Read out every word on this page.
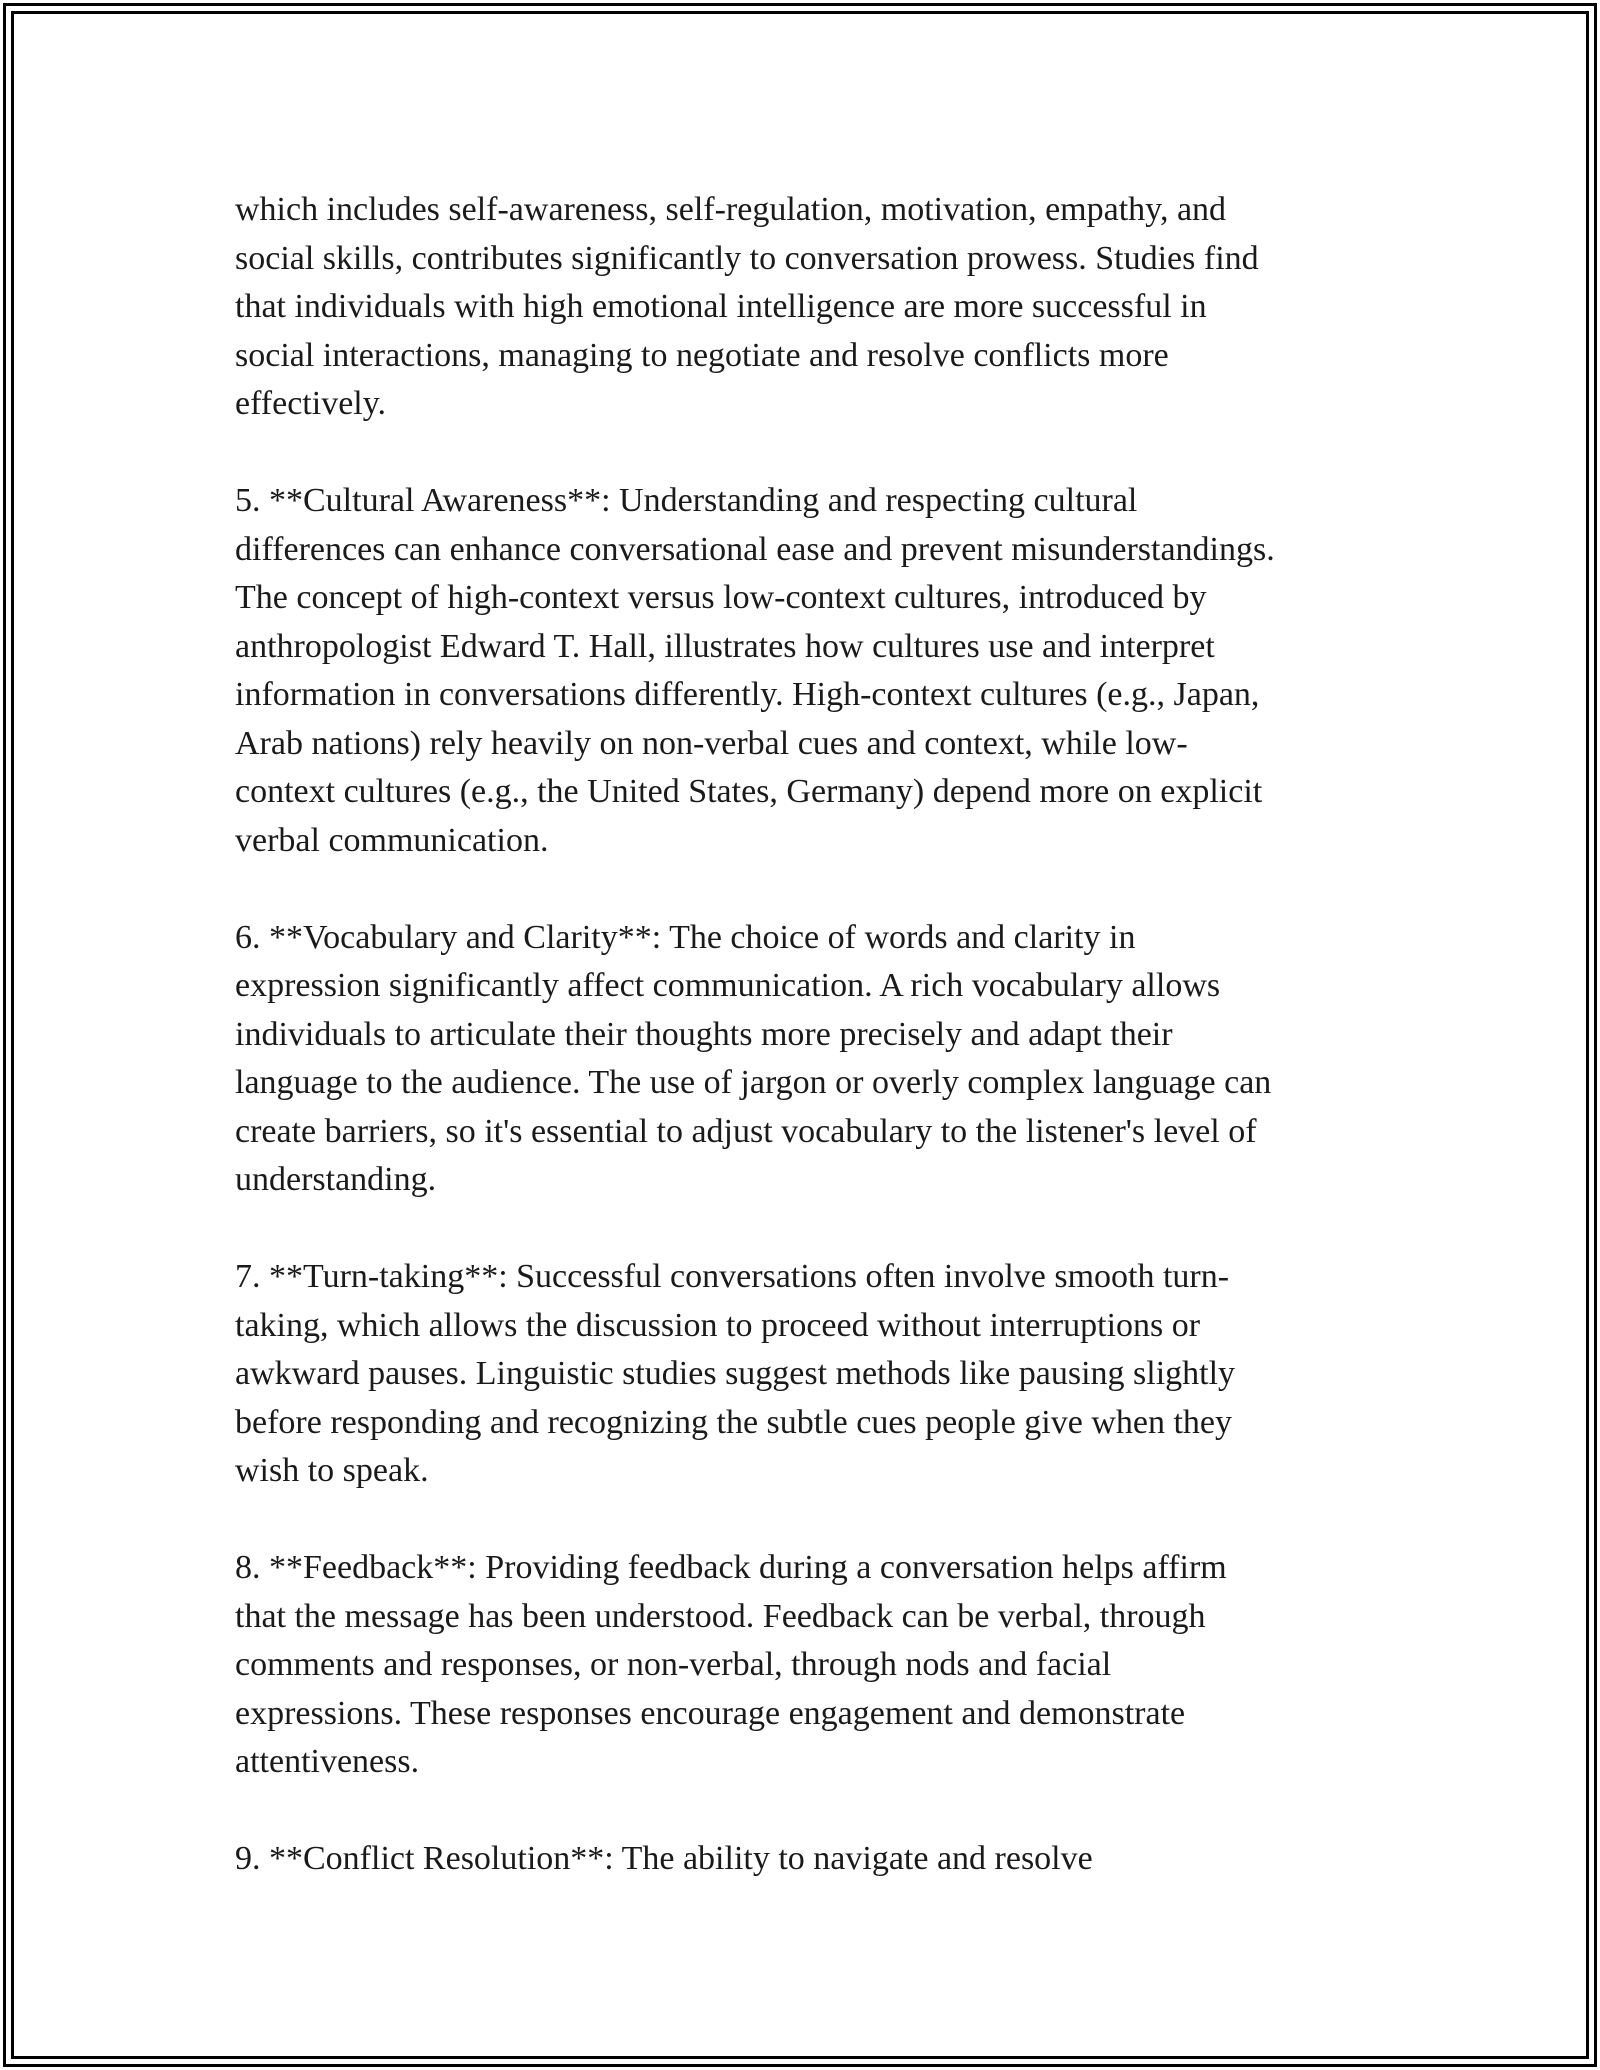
which includes self-awareness, self-regulation, motivation, empathy, and
social skills, contributes significantly to conversation prowess. Studies find
that individuals with high emotional intelligence are more successful in
social interactions, managing to negotiate and resolve conflicts more
effectively.
5. **Cultural Awareness**: Understanding and respecting cultural
differences can enhance conversational ease and prevent misunderstandings.
The concept of high-context versus low-context cultures, introduced by
anthropologist Edward T. Hall, illustrates how cultures use and interpret
information in conversations differently. High-context cultures (e.g., Japan,
Arab nations) rely heavily on non-verbal cues and context, while low-
context cultures (e.g., the United States, Germany) depend more on explicit
verbal communication.
6. **Vocabulary and Clarity**: The choice of words and clarity in
expression significantly affect communication. A rich vocabulary allows
individuals to articulate their thoughts more precisely and adapt their
language to the audience. The use of jargon or overly complex language can
create barriers, so it's essential to adjust vocabulary to the listener's level of
understanding.
7. **Turn-taking**: Successful conversations often involve smooth turn-
taking, which allows the discussion to proceed without interruptions or
awkward pauses. Linguistic studies suggest methods like pausing slightly
before responding and recognizing the subtle cues people give when they
wish to speak.
8. **Feedback**: Providing feedback during a conversation helps affirm
that the message has been understood. Feedback can be verbal, through
comments and responses, or non-verbal, through nods and facial
expressions. These responses encourage engagement and demonstrate
attentiveness.
9. **Conflict Resolution**: The ability to navigate and resolve
